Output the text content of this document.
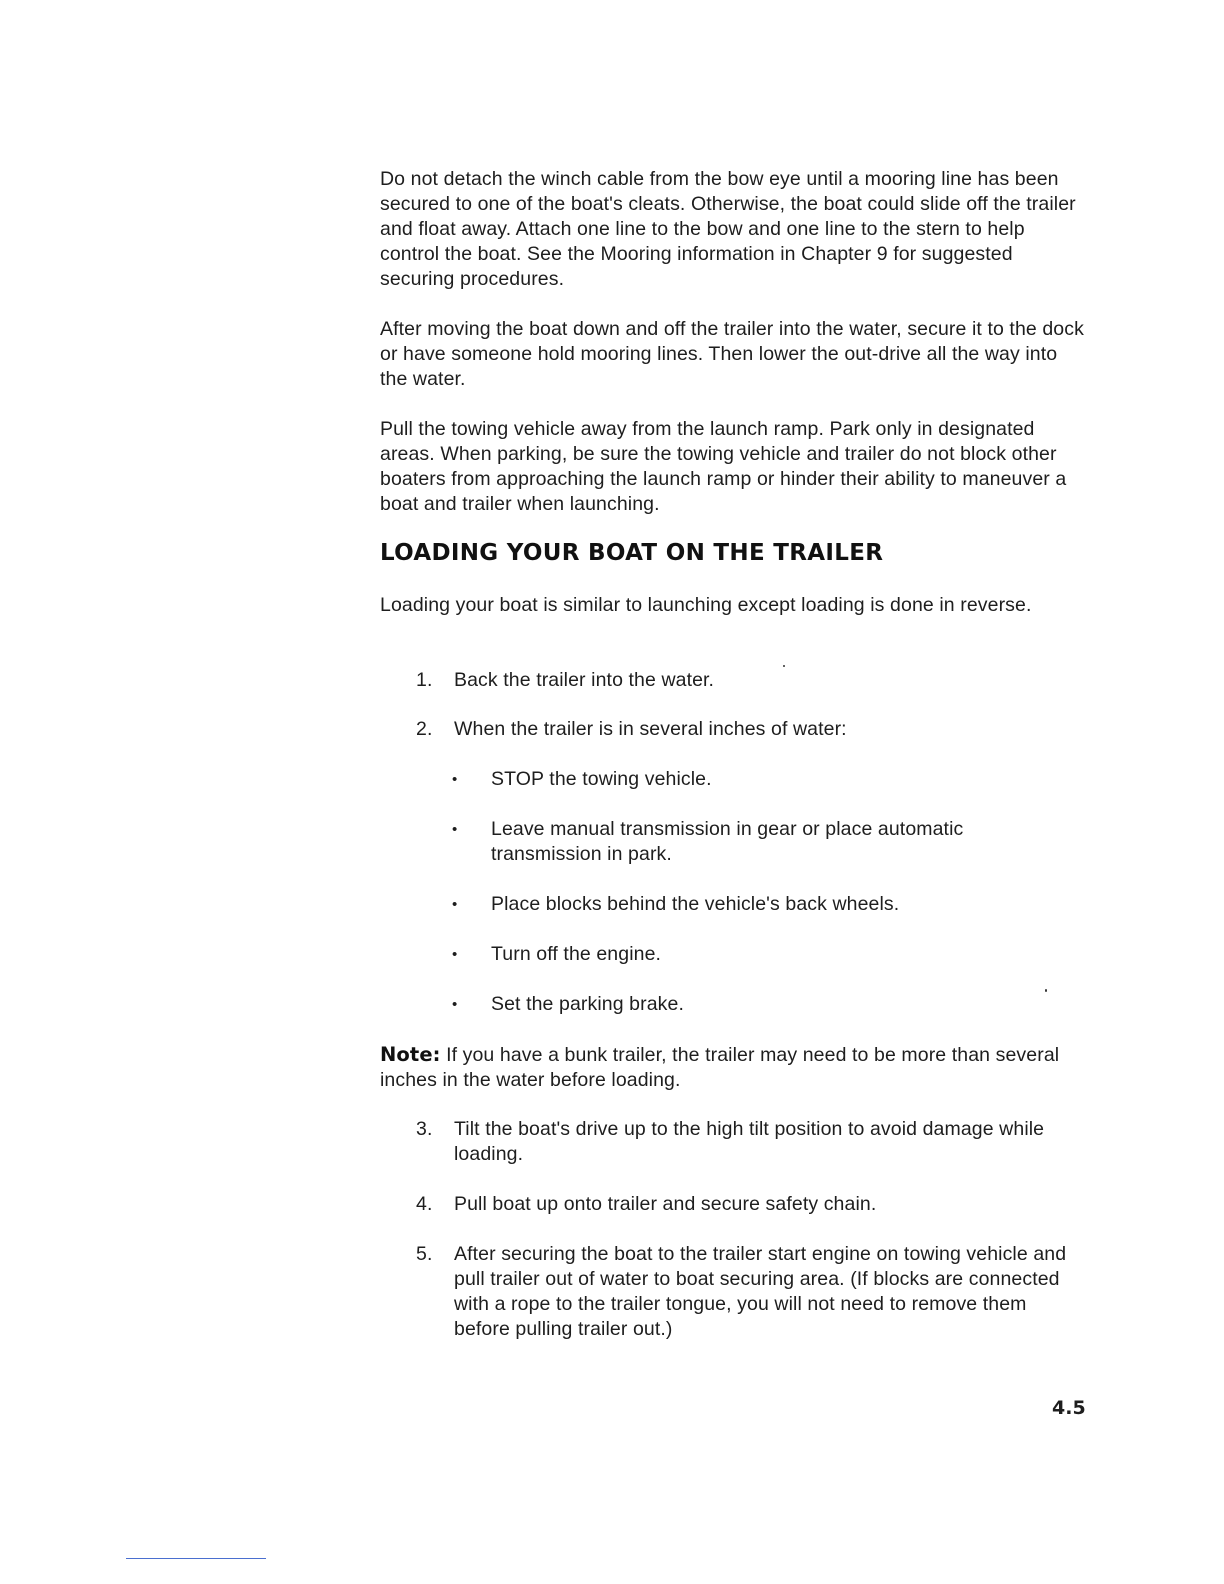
Do not detach the winch cable from the bow eye until a mooring line has been secured to one of the boat's cleats. Otherwise, the boat could slide off the trailer and float away. Attach one line to the bow and one line to the stern to help control the boat. See the Mooring information in Chapter 9 for suggested securing procedures.

After moving the boat down and off the trailer into the water, secure it to the dock or have someone hold mooring lines. Then lower the out-drive all the way into the water.

Pull the towing vehicle away from the launch ramp. Park only in designated areas. When parking, be sure the towing vehicle and trailer do not block other boaters from approaching the launch ramp or hinder their ability to maneuver a boat and trailer when launching.

LOADING YOUR BOAT ON THE TRAILER

Loading your boat is similar to launching except loading is done in reverse.

1.	Back the trailer into the water.
2.	When the trailer is in several inches of water:
• STOP the towing vehicle.
• Leave manual transmission in gear or place automatic transmission in park.
• Place blocks behind the vehicle's back wheels.
• Turn off the engine.
• Set the parking brake.

Note: If you have a bunk trailer, the trailer may need to be more than several inches in the water before loading.

3.	Tilt the boat's drive up to the high tilt position to avoid damage while loading.
4.	Pull boat up onto trailer and secure safety chain.
5.	After securing the boat to the trailer start engine on towing vehicle and pull trailer out of water to boat securing area. (If blocks are connected with a rope to the trailer tongue, you will not need to remove them before pulling trailer out.)
4.5
